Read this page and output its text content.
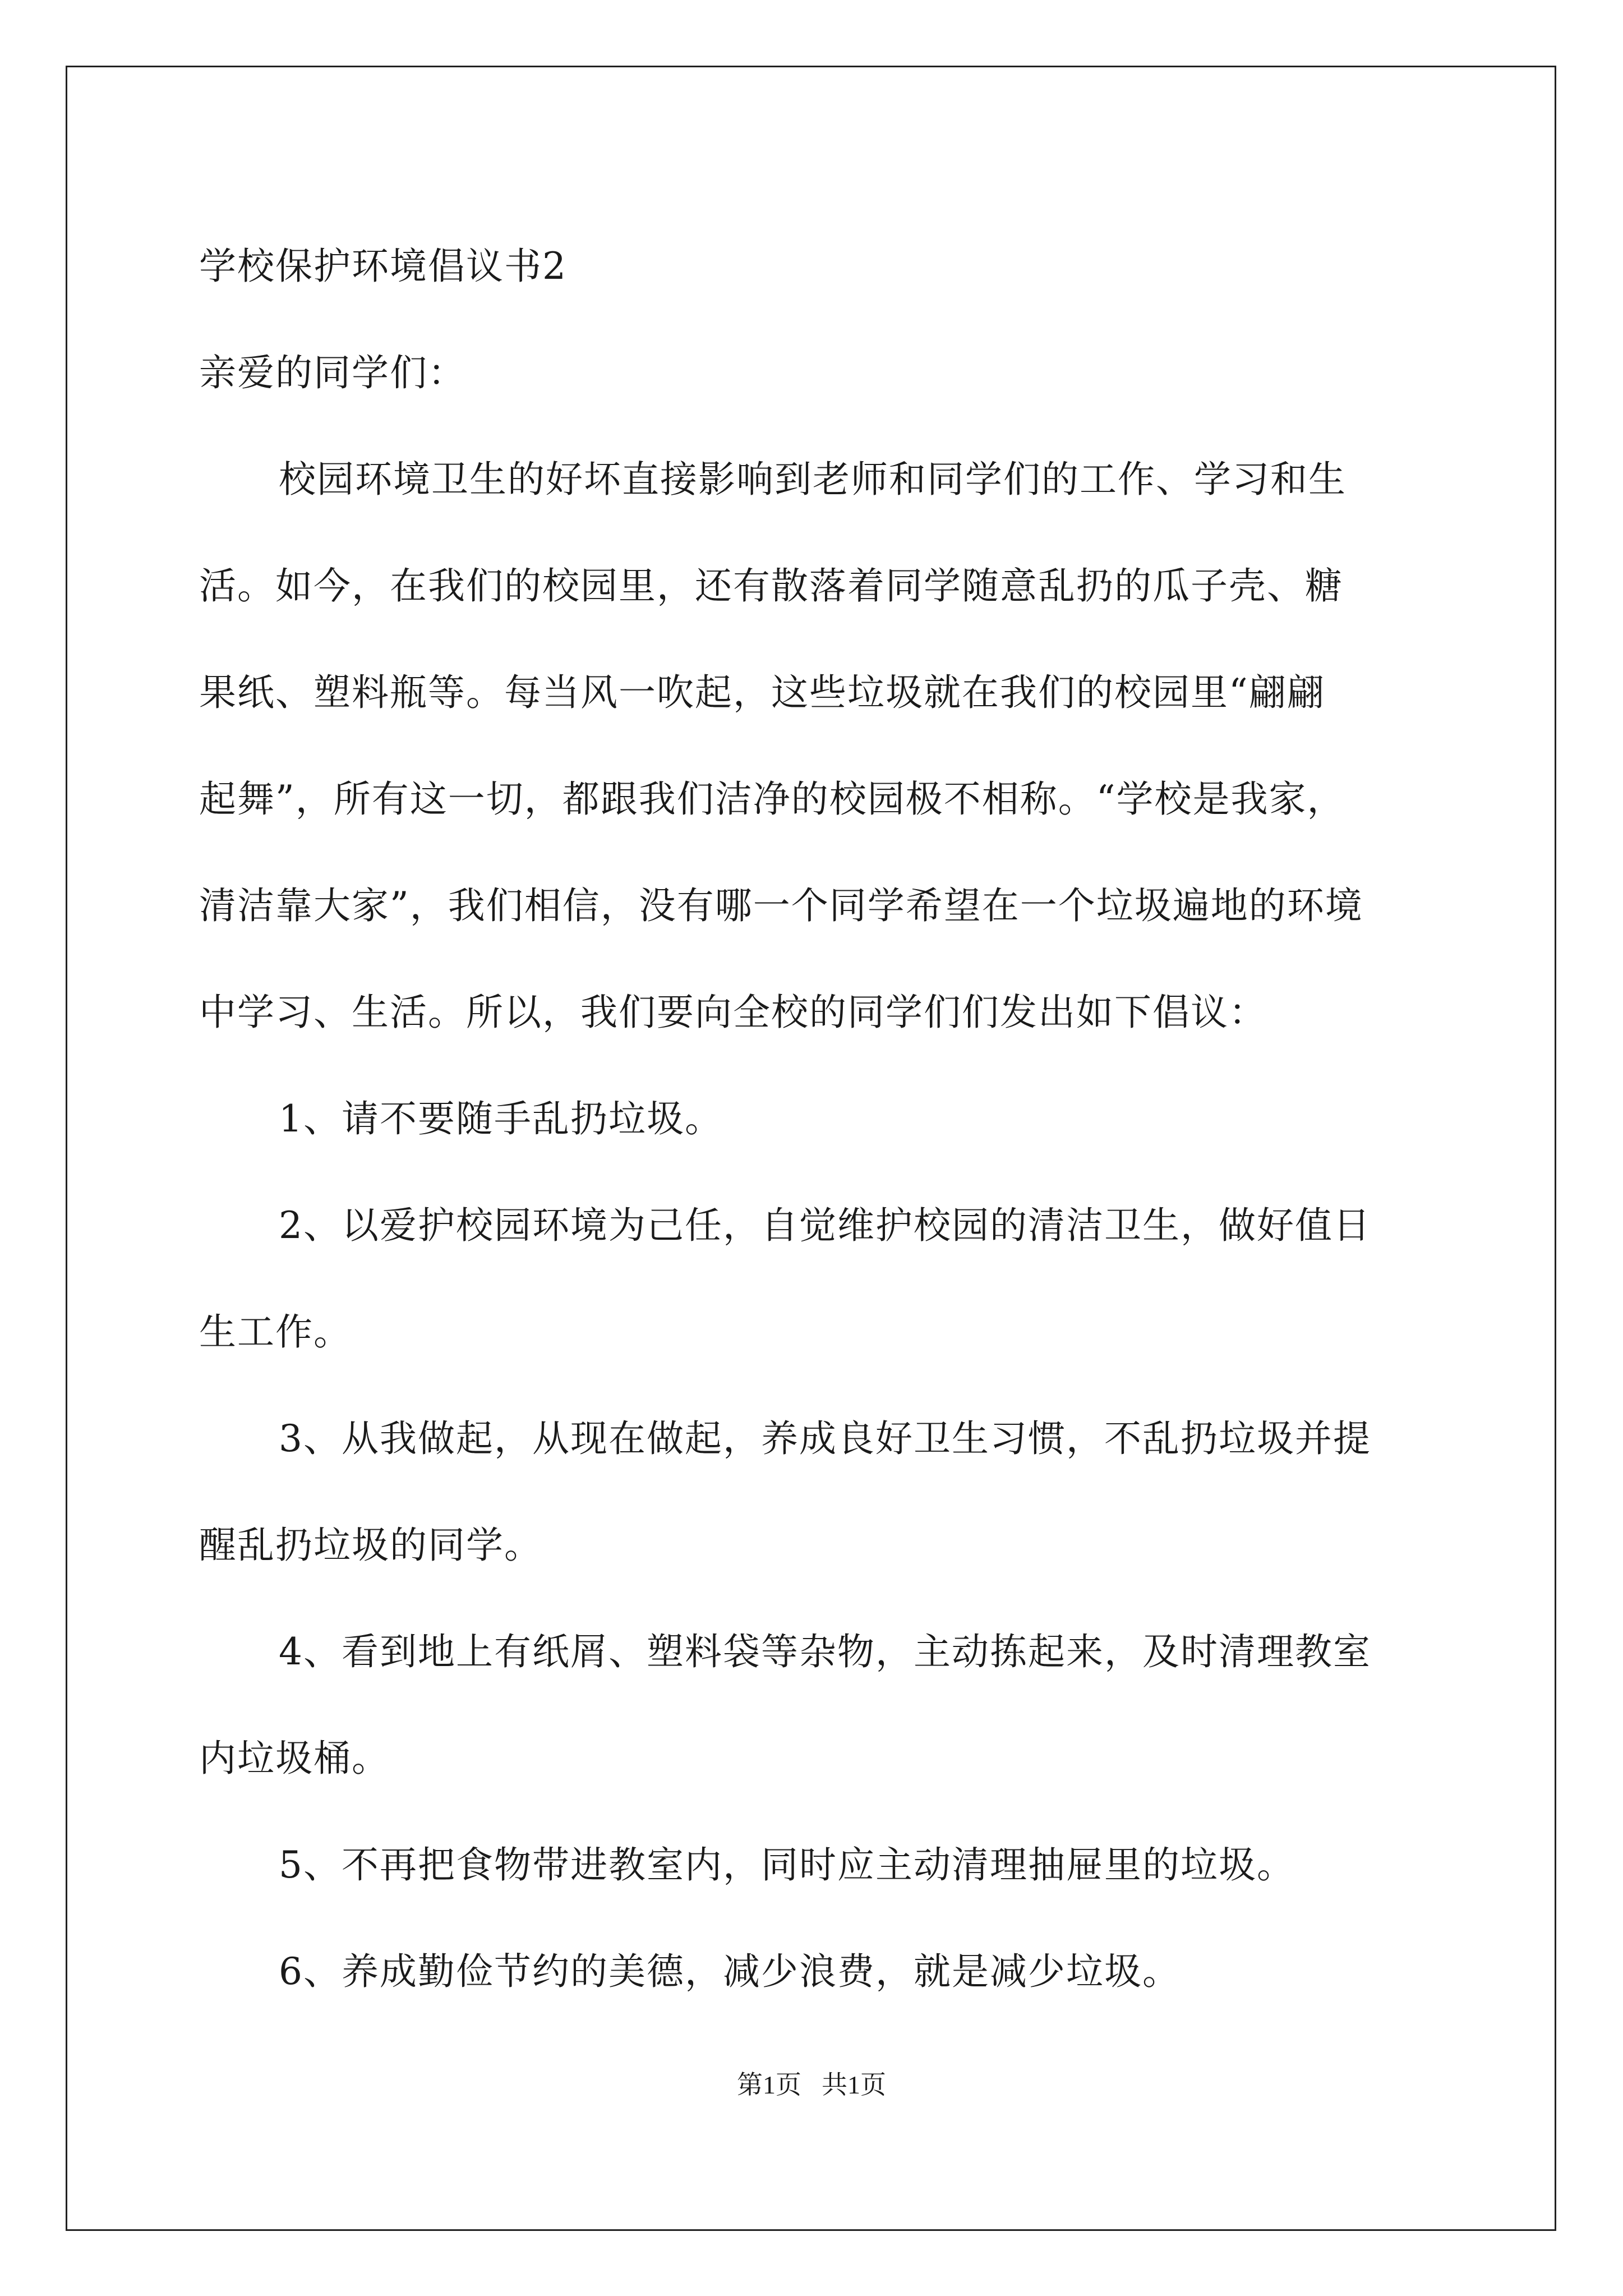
学校保护环境倡议书2
亲爱的同学们：
校园环境卫生的好坏直接影响到老师和同学们的工作、学习和生
活。如今，在我们的校园里，还有散落着同学随意乱扔的瓜子壳、糖
果纸、塑料瓶等。每当风一吹起，这些垃圾就在我们的校园里“翩翩
起舞”，所有这一切，都跟我们洁净的校园极不相称。“学校是我家，
清洁靠大家”，我们相信，没有哪一个同学希望在一个垃圾遍地的环境
中学习、生活。所以，我们要向全校的同学们们发出如下倡议：
1、请不要随手乱扔垃圾。
2、以爱护校园环境为己任，自觉维护校园的清洁卫生，做好值日
生工作。
3、从我做起，从现在做起，养成良好卫生习惯，不乱扔垃圾并提
醒乱扔垃圾的同学。
4、看到地上有纸屑、塑料袋等杂物，主动拣起来，及时清理教室
内垃圾桶。
5、不再把食物带进教室内，同时应主动清理抽屉里的垃圾。
6、养成勤俭节约的美德，减少浪费，就是减少垃圾。
第1页 共1页
